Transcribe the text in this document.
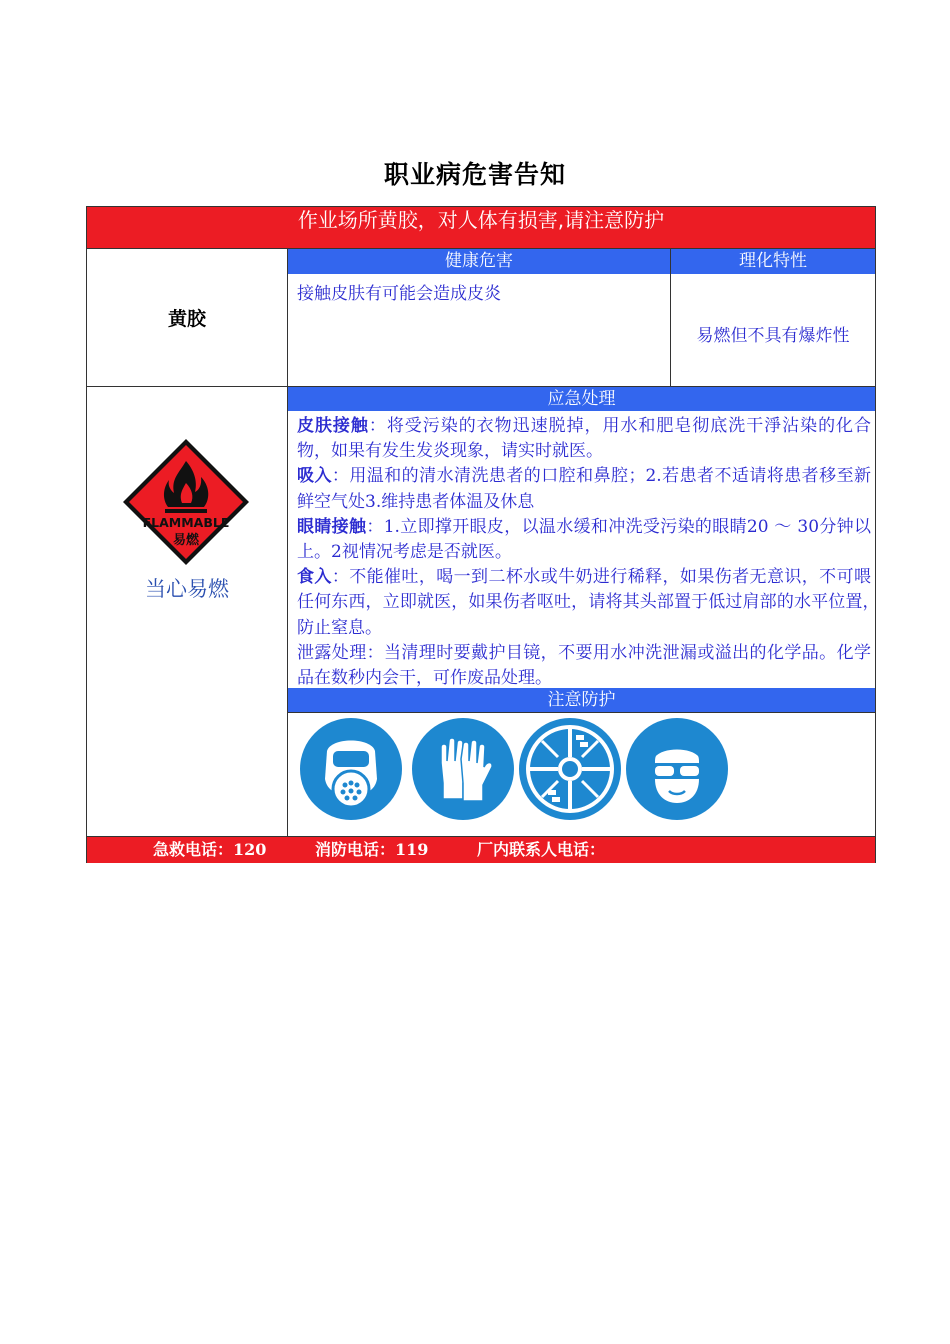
职业病危害告知
作业场所黄胶，对人体有损害,请注意防护
黄胶
健康危害	理化特性
接触皮肤有可能会造成皮炎
易燃但不具有爆炸性
应急处理

皮肤接触：将受污染的衣物迅速脱掉，用水和肥皂彻底洗干淨沾染的化合物，如果有发生发炎现象，请实时就医。

吸入：用温和的清水清洗患者的口腔和鼻腔；2.若患者不适请将患者移至新鲜空气处3.维持患者体温及休息

眼睛接触：1.立即撑开眼皮，以温水缓和冲洗受污染的眼睛20 ～ 30分钟以上。2视情况考虑是否就医。

食入：不能催吐，喝一到二杯水或牛奶进行稀释，如果伤者无意识，不可喂任何东西，立即就医，如果伤者呕吐，请将其头部置于低过肩部的水平位置，　　防止窒息。

泄露处理：当清理时要戴护目镜，不要用水冲洗泄漏或溢出的化学品。化学品在数秒内会干，可作废品处理。

FLAMMABLE
易燃
当心易燃
注意防护

急救电话：120

	消防电话：119

	厂内联系人电话：
